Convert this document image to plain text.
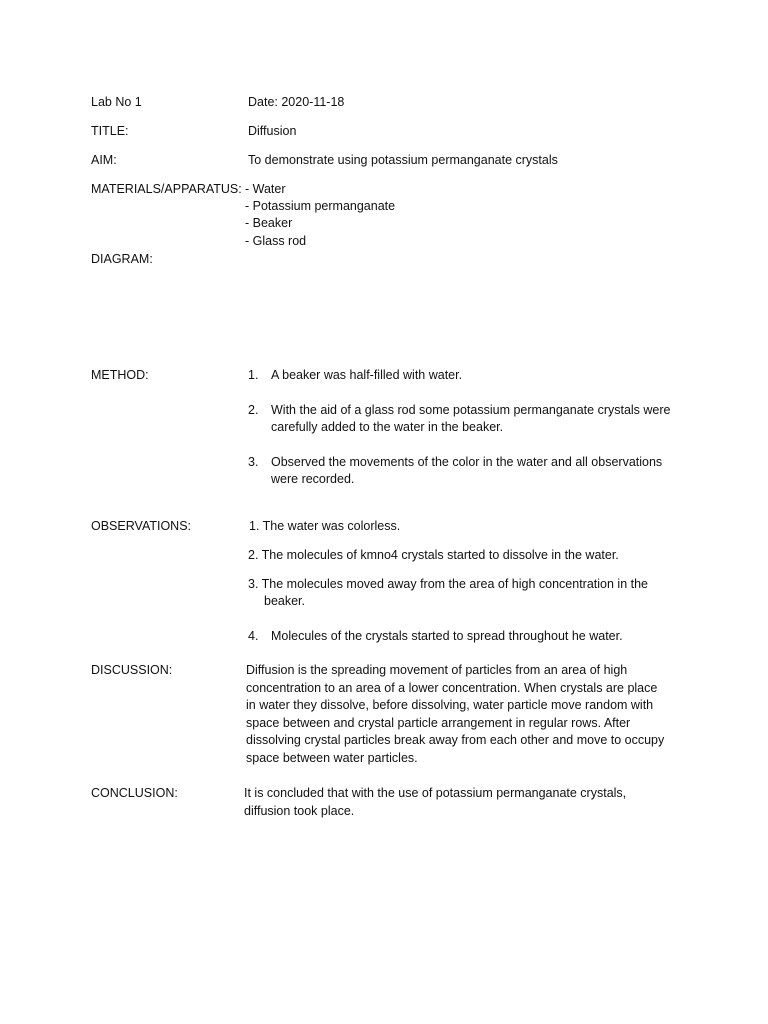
Lab No 1	Date: 2020-11-18
TITLE:	Diffusion
AIM:	To demonstrate using potassium permanganate crystals
MATERIALS/APPARATUS: - Water
- Potassium permanganate
- Beaker
- Glass rod
DIAGRAM:
METHOD:	1. A beaker was half-filled with water.
2. With the aid of a glass rod some potassium permanganate crystals were
carefully added to the water in the beaker.
3. Observed the movements of the color in the water and all observations
were recorded.
OBSERVATIONS:	1. The water was colorless.
2. The molecules of kmno4 crystals started to dissolve in the water.
3. The molecules moved away from the area of high concentration in the
beaker.
4. Molecules of the crystals started to spread throughout he water.
DISCUSSION:	Diffusion is the spreading movement of particles from an area of high
concentration to an area of a lower concentration. When crystals are place
in water they dissolve, before dissolving, water particle move random with
space between and crystal particle arrangement in regular rows. After
dissolving crystal particles break away from each other and move to occupy
space between water particles.
CONCLUSION:	It is concluded that with the use of potassium permanganate crystals,
diffusion took place.
